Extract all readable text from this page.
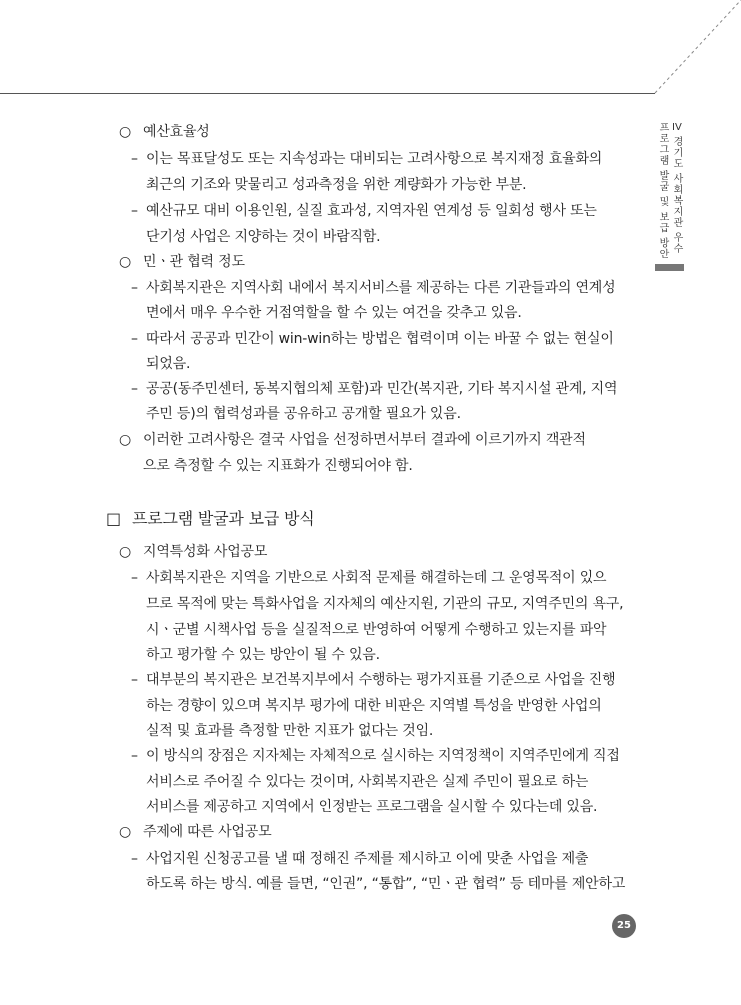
IV
프로그램 발굴 및 보급 방안 경기도 사회복지관 우수
○ 예산효율성
– 이는 목표달성도 또는 지속성과는 대비되는 고려사항으로 복지재정 효율화의
최근의 기조와 맞물리고 성과측정을 위한 계량화가 가능한 부분.
– 예산규모 대비 이용인원, 실질 효과성, 지역자원 연계성 등 일회성 행사 또는
단기성 사업은 지양하는 것이 바람직함.
○ 민ㆍ관 협력 정도
– 사회복지관은 지역사회 내에서 복지서비스를 제공하는 다른 기관들과의 연계성
면에서 매우 우수한 거점역할을 할 수 있는 여건을 갖추고 있음.
– 따라서 공공과 민간이 win-win하는 방법은 협력이며 이는 바꿀 수 없는 현실이
되었음.
– 공공(동주민센터, 동복지협의체 포함)과 민간(복지관, 기타 복지시설 관계, 지역
주민 등)의 협력성과를 공유하고 공개할 필요가 있음.
○ 이러한 고려사항은 결국 사업을 선정하면서부터 결과에 이르기까지 객관적
으로 측정할 수 있는 지표화가 진행되어야 함.
□ 프로그램 발굴과 보급 방식
○ 지역특성화 사업공모
– 사회복지관은 지역을 기반으로 사회적 문제를 해결하는데 그 운영목적이 있으
므로 목적에 맞는 특화사업을 지자체의 예산지원, 기관의 규모, 지역주민의 욕구,
시ㆍ군별 시책사업 등을 실질적으로 반영하여 어떻게 수행하고 있는지를 파악
하고 평가할 수 있는 방안이 될 수 있음.
– 대부분의 복지관은 보건복지부에서 수행하는 평가지표를 기준으로 사업을 진행
하는 경향이 있으며 복지부 평가에 대한 비판은 지역별 특성을 반영한 사업의
실적 및 효과를 측정할 만한 지표가 없다는 것임.
– 이 방식의 장점은 지자체는 자체적으로 실시하는 지역정책이 지역주민에게 직접
서비스로 주어질 수 있다는 것이며, 사회복지관은 실제 주민이 필요로 하는
서비스를 제공하고 지역에서 인정받는 프로그램을 실시할 수 있다는데 있음.
○ 주제에 따른 사업공모
– 사업지원 신청공고를 낼 때 정해진 주제를 제시하고 이에 맞춘 사업을 제출
하도록 하는 방식. 예를 들면, “인권”, “통합”, “민ㆍ관 협력” 등 테마를 제안하고
25
